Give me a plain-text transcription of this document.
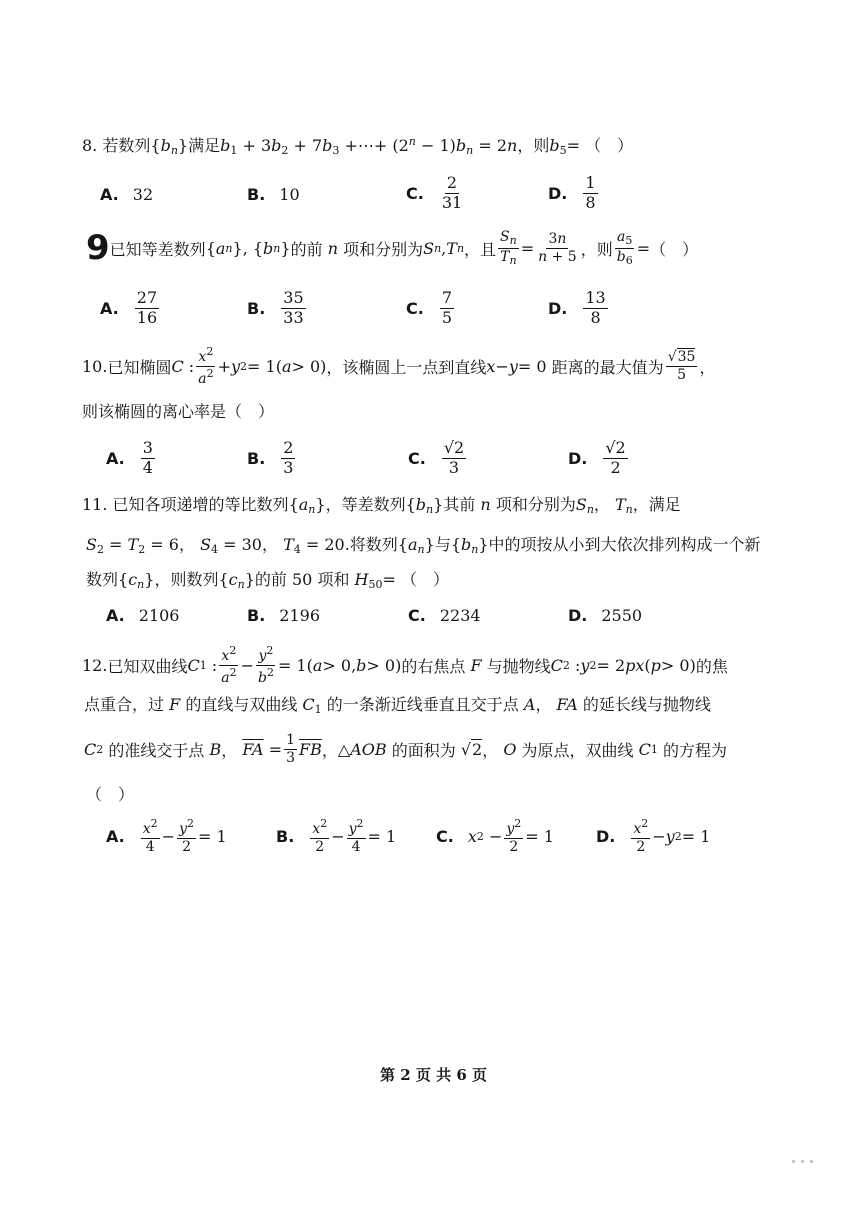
8. 若数列$\{b_n\}$满足$b_1 + 3b_2 + 7b_3$ +⋯+ $(2^n - 1)b_n = 2n$，则$b_5=$ （　）
A. 32	B. 10	C. $\frac{2}{31}$	D. $\frac{1}{8}$
9 已知等差数列 { a n }, { b n } 的前
n
项和分别为 S n , T n ，且 $\frac{S_n}{T_n} = \frac{3n}{n + 5}$ ，则 $\frac{a_5}{b_6}$ = （　）
A. $\frac{27}{16}$	B. $\frac{35}{33}$	C. $\frac{7}{5}$	D. $\frac{13}{8}$
10. 已知椭圆 C : $\frac{x^2}{a^2} + y$ 2 = 1( a > 0) ，该椭圆上一点到直线 x − y = 0 距离的最大值为 $\frac{√35}{5}$ ，
则该椭圆的离心率是（　）
A. $\frac{3}{4}$	B. $\frac{2}{3}$	C. $\frac{√2}{3}$	D. $\frac{√2}{2}$
11. 已知各项递增的等比数列$\{a_n\}$，等差数列$\{b_n\}$其前 n 项和分别为$S_n$， $T_n$，满足
$S_2 = T_2 = 6$， $S_4 = 30$， $T_4 = 20$.将数列$\{a_n\}$与$\{b_n\}$中的项按从小到大依次排列构成一个新
数列$\{c_n\}$，则数列$\{c_n\}$的前 50 项和 $H_{50}=$ （　）
A. 2106	B. 2196	C. 2234	D. 2550
12. 已知双曲线 C 1 : $\frac{x^2}{a^2} - \frac{y^2}{b^2} = 1$( a > 0, b > 0) 的右焦点
F
与抛物线 C 2 : y 2 = 2 px ( p > 0) 的焦
点重合，过 F 的直线与双曲线 $C_1$ 的一条渐近线垂直且交于点 A， FA 的延长线与抛物线
C 2
的准线交于点
B ，
$\overline{FA} = \frac{1}{3} \overline{FB}$ ， △ AOB
的面积为 √ 2 ，
O
为原点，双曲线
C 1
的方程为
（　）
A. $\frac{x^2}{4} - \frac{y^2}{2} = 1$	B. $\frac{x^2}{2} - \frac{y^2}{4} = 1$ C. x $2 - \frac{y^2}{2} = 1$	D. $\frac{x^2}{2} - y$ 2 = 1
第 2 页 共 6 页
